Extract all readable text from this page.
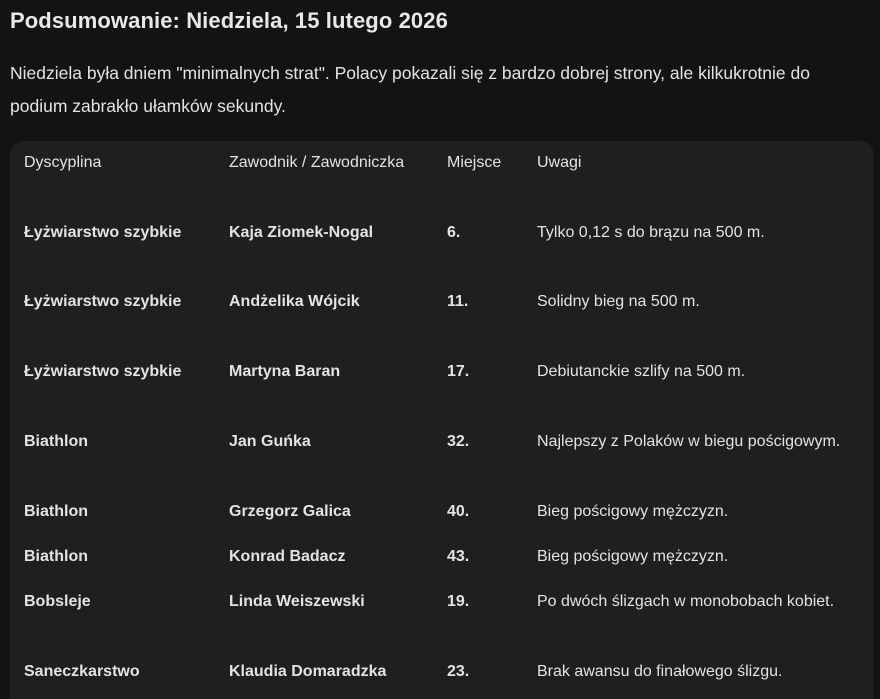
Podsumowanie: Niedziela, 15 lutego 2026

Niedziela była dniem "minimalnych strat". Polacy pokazali się z bardzo dobrej strony, ale kilkukrotnie do podium zabrakło ułamków sekundy.

Dyscyplina	Zawodnik / Zawodniczka	Miejsce	Uwagi
Łyżwiarstwo szybkie	Kaja Ziomek-Nogal	6.	Tylko 0,12 s do brązu na 500 m.
Łyżwiarstwo szybkie	Andżelika Wójcik	11.	Solidny bieg na 500 m.
Łyżwiarstwo szybkie	Martyna Baran	17.	Debiutanckie szlify na 500 m.
Biathlon	Jan Guńka	32.	Najlepszy z Polaków w biegu pościgowym.
Biathlon	Grzegorz Galica	40.	Bieg pościgowy mężczyzn.
Biathlon	Konrad Badacz	43.	Bieg pościgowy mężczyzn.
Bobsleje	Linda Weiszewski	19.	Po dwóch ślizgach w monobobach kobiet.
Saneczkarstwo	Klaudia Domaradzka	23.	Brak awansu do finałowego ślizgu.
